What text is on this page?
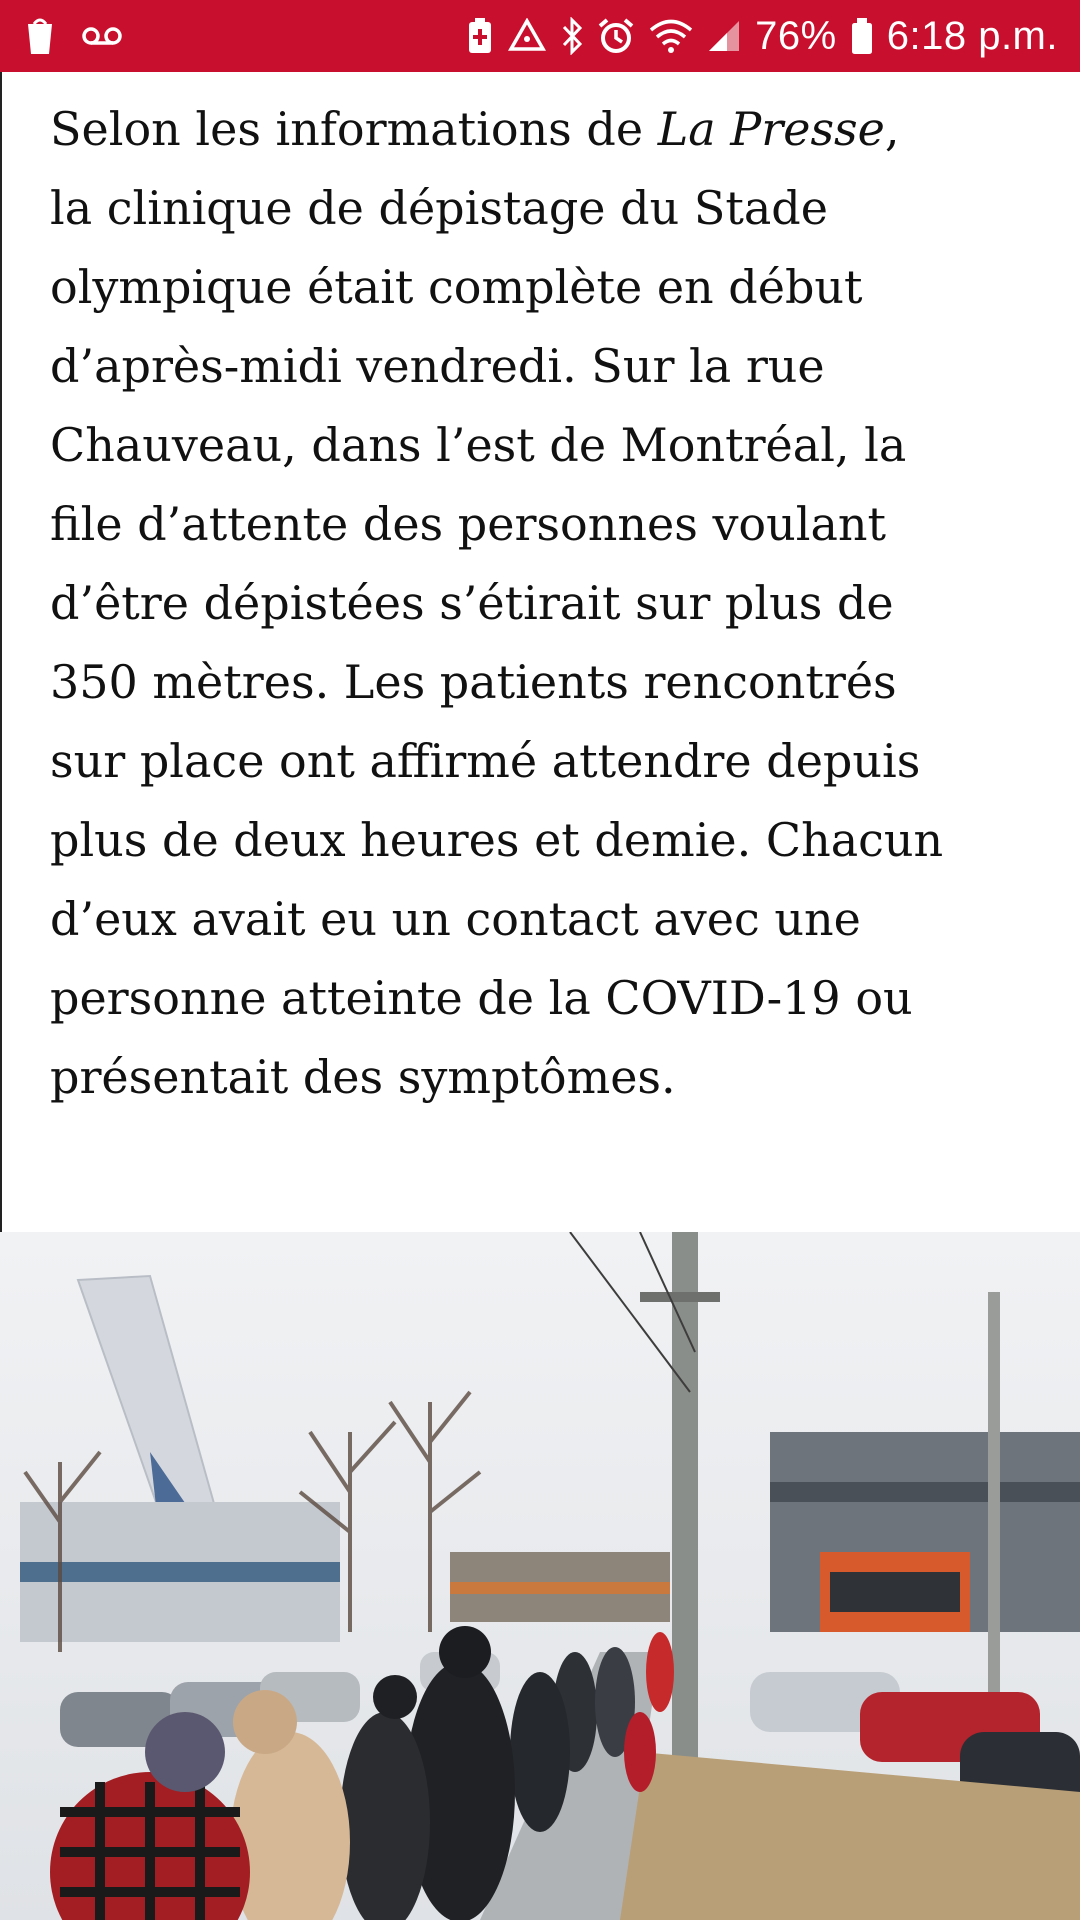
76% 6:18 p.m.

Selon les informations de La Presse,
la clinique de dépistage du Stade
olympique était complète en début
d’après-midi vendredi. Sur la rue
Chauveau, dans l’est de Montréal, la
file d’attente des personnes voulant
d’être dépistées s’étirait sur plus de
350 mètres. Les patients rencontrés
sur place ont affirmé attendre depuis
plus de deux heures et demie. Chacun
d’eux avait eu un contact avec une
personne atteinte de la COVID-19 ou
présentait des symptômes.
